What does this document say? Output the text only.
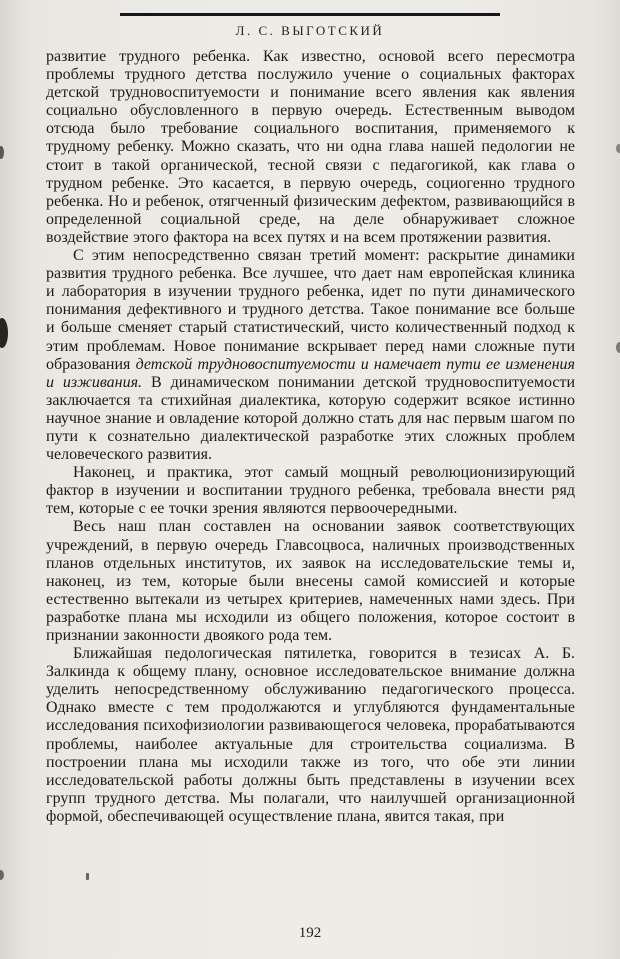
Л. С. ВЫГОТСКИЙ

развитие трудного ребенка. Как известно, основой всего пересмотра проблемы трудного детства послужило учение о социальных факторах детской трудновоспитуемости и понимание всего явления как явления социально обусловленного в первую очередь. Естественным выводом отсюда было требование социального воспитания, применяемого к трудному ребенку. Можно сказать, что ни одна глава нашей педологии не стоит в такой органической, тесной связи с педагогикой, как глава о трудном ребенке. Это касается, в первую очередь, социогенно трудного ребенка. Но и ребенок, отягченный физическим дефектом, развивающийся в определенной социальной среде, на деле обнаруживает сложное воздействие этого фактора на всех путях и на всем протяжении развития.

С этим непосредственно связан третий момент: раскрытие динамики развития трудного ребенка. Все лучшее, что дает нам европейская клиника и лаборатория в изучении трудного ребенка, идет по пути динамического понимания дефективного и трудного детства. Такое понимание все больше и больше сменяет старый статистический, чисто количественный подход к этим проблемам. Новое понимание вскрывает перед нами сложные пути образования детской трудновоспитуемости и намечает пути ее изменения и изживания. В динамическом понимании детской трудновоспитуемости заключается та стихийная диалектика, которую содержит всякое истинно научное знание и овладение которой должно стать для нас первым шагом по пути к сознательно диалектической разработке этих сложных проблем человеческого развития.

Наконец, и практика, этот самый мощный революционизирующий фактор в изучении и воспитании трудного ребенка, требовала внести ряд тем, которые с ее точки зрения являются первоочередными.

Весь наш план составлен на основании заявок соответствующих учреждений, в первую очередь Главсоцвоса, наличных производственных планов отдельных институтов, их заявок на исследовательские темы и, наконец, из тем, которые были внесены самой комиссией и которые естественно вытекали из четырех критериев, намеченных нами здесь. При разработке плана мы исходили из общего положения, которое состоит в признании законности двоякого рода тем.

Ближайшая педологическая пятилетка, говорится в тезисах А. Б. Залкинда к общему плану, основное исследовательское внимание должна уделить непосредственному обслуживанию педагогического процесса. Однако вместе с тем продолжаются и углубляются фундаментальные исследования психофизиологии развивающегося человека, прорабатываются проблемы, наиболее актуальные для строительства социализма. В построении плана мы исходили также из того, что обе эти линии исследовательской работы должны быть представлены в изучении всех групп трудного детства. Мы полагали, что наилучшей организационной формой, обеспечивающей осуществление плана, явится такая, при

192
